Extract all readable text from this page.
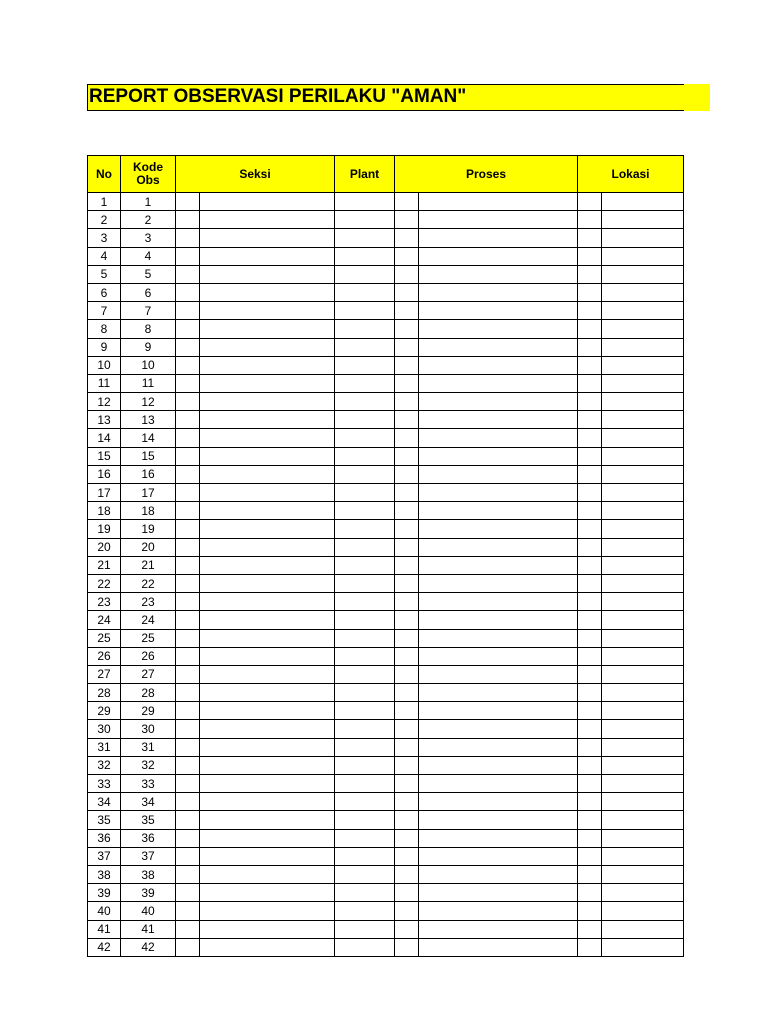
REPORT OBSERVASI PERILAKU "AMAN"
No	Kode Obs	Seksi		Plant	Proses		Lokasi	
1	1							
2	2							
3	3							
4	4							
5	5							
6	6							
7	7							
8	8							
9	9							
10	10							
11	11							
12	12							
13	13							
14	14							
15	15							
16	16							
17	17							
18	18							
19	19							
20	20							
21	21							
22	22							
23	23							
24	24							
25	25							
26	26							
27	27							
28	28							
29	29							
30	30							
31	31							
32	32							
33	33							
34	34							
35	35							
36	36							
37	37							
38	38							
39	39							
40	40							
41	41							
42	42							
